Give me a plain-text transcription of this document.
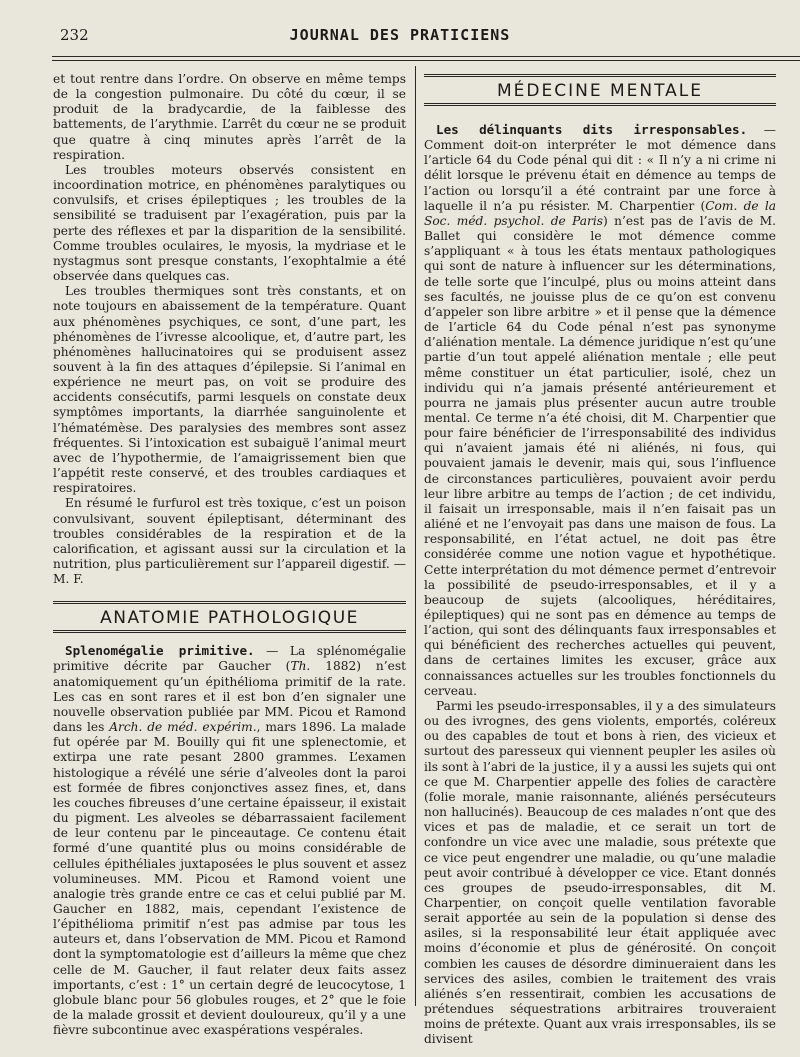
232	JOURNAL DES PRATICIENS

et tout rentre dans l’ordre. On observe en même temps de la congestion pulmonaire. Du côté du cœur, il se produit de la bradycardie, de la faiblesse des battements, de l’arythmie. L’arrêt du cœur ne se produit que quatre à cinq minutes après l’arrêt de la respiration.

Les troubles moteurs observés consistent en incoordination motrice, en phénomènes paralytiques ou convulsifs, et crises épileptiques ; les troubles de la sensibilité se traduisent par l’exagération, puis par la perte des réflexes et par la disparition de la sensibilité. Comme troubles oculaires, le myosis, la mydriase et le nystagmus sont presque constants, l’exophtalmie a été observée dans quelques cas.

Les troubles thermiques sont très constants, et on note toujours en abaissement de la température. Quant aux phénomènes psychiques, ce sont, d’une part, les phénomènes de l’ivresse alcoolique, et, d’autre part, les phénomènes hallucinatoires qui se produisent assez souvent à la fin des attaques d’épilepsie. Si l’animal en expérience ne meurt pas, on voit se produire des accidents consécutifs, parmi lesquels on constate deux symptômes importants, la diarrhée sanguinolente et l’hématémèse. Des paralysies des membres sont assez fréquentes. Si l’intoxication est subaiguë l’animal meurt avec de l’hypothermie, de l’amaigrissement bien que l’appétit reste conservé, et des troubles cardiaques et respiratoires.

En résumé le furfurol est très toxique, c’est un poison convulsivant, souvent épileptisant, déterminant des troubles considérables de la respiration et de la calorification, et agissant aussi sur la circulation et la nutrition, plus particulièrement sur l’appareil digestif. — M. F.

ANATOMIE PATHOLOGIQUE

Splenomégalie primitive. — La splénomégalie primitive décrite par Gaucher (Th. 1882) n’est anatomiquement qu’un épithélioma primitif de la rate. Les cas en sont rares et il est bon d’en signaler une nouvelle observation publiée par MM. Picou et Ramond dans les Arch. de méd. expérim., mars 1896. La malade fut opérée par M. Bouilly qui fit une splenectomie, et extirpa une rate pesant 2800 grammes. L’examen histologique a révélé une série d’alveoles dont la paroi est formée de fibres conjonctives assez fines, et, dans les couches fibreuses d’une certaine épaisseur, il existait du pigment. Les alveoles se débarrassaient facilement de leur contenu par le pinceautage. Ce contenu était formé d’une quantité plus ou moins considérable de cellules épithéliales juxtaposées le plus souvent et assez volumineuses. MM. Picou et Ramond voient une analogie très grande entre ce cas et celui publié par M. Gaucher en 1882, mais, cependant l’existence de l’épithélioma primitif n’est pas admise par tous les auteurs et, dans l’observation de MM. Picou et Ramond dont la symptomatologie est d’ailleurs la même que chez celle de M. Gaucher, il faut relater deux faits assez importants, c’est : 1° un certain degré de leucocytose, 1 globule blanc pour 56 globules rouges, et 2° que le foie de la malade grossit et devient douloureux, qu’il y a une fièvre subcontinue avec exaspérations vespérales.

MÉDECINE MENTALE

Les délinquants dits irresponsables. — Comment doit-on interpréter le mot démence dans l’article 64 du Code pénal qui dit : « Il n’y a ni crime ni délit lorsque le prévenu était en démence au temps de l’action ou lorsqu’il a été contraint par une force à laquelle il n’a pu résister. M. Charpentier (Com. de la Soc. méd. psychol. de Paris) n’est pas de l’avis de M. Ballet qui considère le mot démence comme s’appliquant « à tous les états mentaux pathologiques qui sont de nature à influencer sur les déterminations, de telle sorte que l’inculpé, plus ou moins atteint dans ses facultés, ne jouisse plus de ce qu’on est convenu d’appeler son libre arbitre » et il pense que la démence de l’article 64 du Code pénal n’est pas synonyme d’aliénation mentale. La démence juridique n’est qu’une partie d’un tout appelé aliénation mentale ; elle peut même constituer un état particulier, isolé, chez un individu qui n’a jamais présenté antérieurement et pourra ne jamais plus présenter aucun autre trouble mental. Ce terme n’a été choisi, dit M. Charpentier que pour faire bénéficier de l’irresponsabilité des individus qui n’avaient jamais été ni aliénés, ni fous, qui pouvaient jamais le devenir, mais qui, sous l’influence de circonstances particulières, pouvaient avoir perdu leur libre arbitre au temps de l’action ; de cet individu, il faisait un irresponsable, mais il n’en faisait pas un aliéné et ne l’envoyait pas dans une maison de fous. La responsabilité, en l’état actuel, ne doit pas être considérée comme une notion vague et hypothétique. Cette interprétation du mot démence permet d’entrevoir la possibilité de pseudo-irresponsables, et il y a beaucoup de sujets (alcooliques, héréditaires, épileptiques) qui ne sont pas en démence au temps de l’action, qui sont des délinquants faux irresponsables et qui bénéficient des recherches actuelles qui peuvent, dans de certaines limites les excuser, grâce aux connaissances actuelles sur les troubles fonctionnels du cerveau.

Parmi les pseudo-irresponsables, il y a des simulateurs ou des ivrognes, des gens violents, emportés, coléreux ou des capables de tout et bons à rien, des vicieux et surtout des paresseux qui viennent peupler les asiles où ils sont à l’abri de la justice, il y a aussi les sujets qui ont ce que M. Charpentier appelle des folies de caractère (folie morale, manie raisonnante, aliénés persécuteurs non hallucinés). Beaucoup de ces malades n’ont que des vices et pas de maladie, et ce serait un tort de confondre un vice avec une maladie, sous prétexte que ce vice peut engendrer une maladie, ou qu’une maladie peut avoir contribué à développer ce vice. Etant donnés ces groupes de pseudo-irresponsables, dit M. Charpentier, on conçoit quelle ventilation favorable serait apportée au sein de la population si dense des asiles, si la responsabilité leur était appliquée avec moins d’économie et plus de générosité. On conçoit combien les causes de désordre diminueraient dans les services des asiles, combien le traitement des vrais aliénés s’en ressentirait, combien les accusations de prétendues séquestrations arbitraires trouveraient moins de prétexte. Quant aux vrais irresponsables, ils se divisent
